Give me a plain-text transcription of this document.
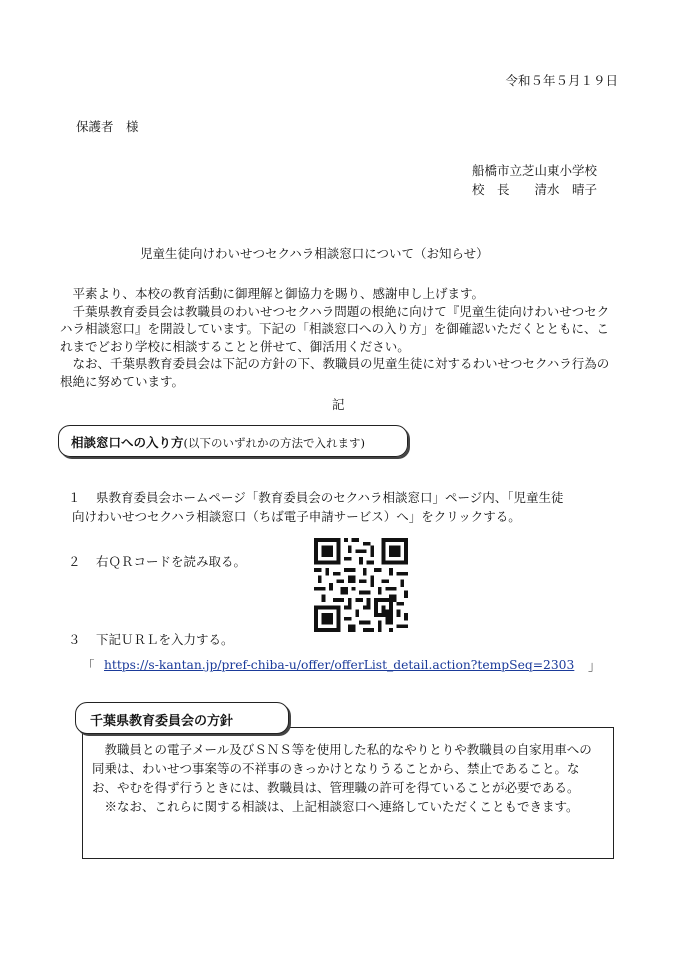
令和５年５月１９日
保護者　様
船橋市立芝山東小学校
校　長　　清水　晴子
児童生徒向けわいせつセクハラ相談窓口について（お知らせ）

平素より、本校の教育活動に御理解と御協力を賜り、感謝申し上げます。

千葉県教育委員会は教職員のわいせつセクハラ問題の根絶に向けて『児童生徒向けわいせつセクハラ相談窓口』を開設しています。下記の「相談窓口への入り方」を御確認いただくとともに、これまでどおり学校に相談することと併せて、御活用ください。

なお、千葉県教育委員会は下記の方針の下、教職員の児童生徒に対するわいせつセクハラ行為の根絶に努めています。

記
相談窓口への入り方(以下のいずれかの方法で入れます)
１ 県教育委員会ホームページ「教育委員会のセクハラ相談窓口」ページ内、「児童生徒
向けわいせつセクハラ相談窓口（ちば電子申請サービス）へ」をクリックする。
２ 右ＱＲコードを読み取る。
３ 下記ＵＲＬを入力する。
「 https://s-kantan.jp/pref-chiba-u/offer/offerList_detail.action?tempSeq=2303 」
千葉県教育委員会の方針

教職員との電子メール及びＳＮＳ等を使用した私的なやりとりや教職員の自家用車への同乗は、わいせつ事案等の不祥事のきっかけとなりうることから、禁止であること。なお、やむを得ず行うときには、教職員は、管理職の許可を得ていることが必要である。

※なお、これらに関する相談は、上記相談窓口へ連絡していただくこともできます。
